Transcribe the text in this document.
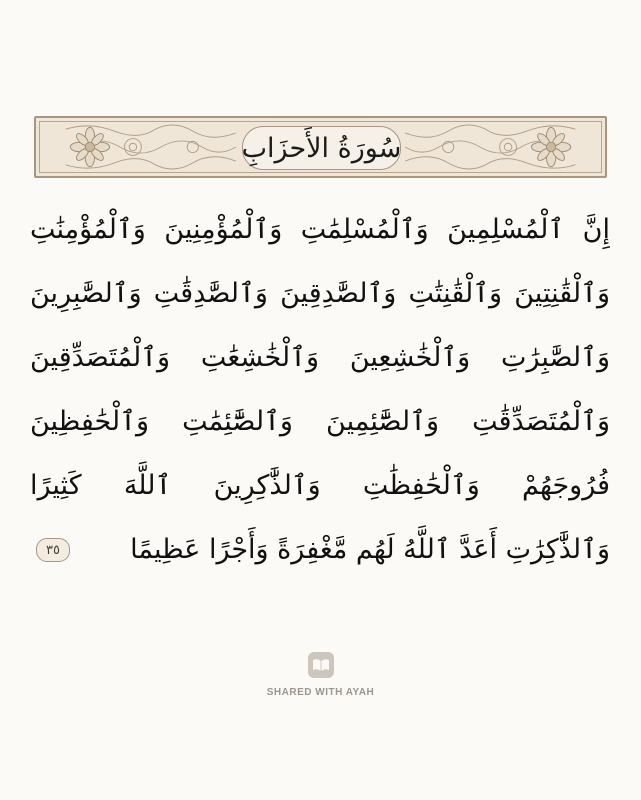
سُورَةُ الأَحزَابِ
إِنَّ ٱلْمُسْلِمِينَ وَٱلْمُسْلِمَٰتِ وَٱلْمُؤْمِنِينَ وَٱلْمُؤْمِنَٰتِ
وَٱلْقَٰنِتِينَ وَٱلْقَٰنِتَٰتِ وَٱلصَّٰدِقِينَ وَٱلصَّٰدِقَٰتِ وَٱلصَّٰبِرِينَ
وَٱلصَّٰبِرَٰتِ وَٱلْخَٰشِعِينَ وَٱلْخَٰشِعَٰتِ وَٱلْمُتَصَدِّقِينَ
وَٱلْمُتَصَدِّقَٰتِ وَٱلصَّٰٓئِمِينَ وَٱلصَّٰٓئِمَٰتِ وَٱلْحَٰفِظِينَ
فُرُوجَهُمْ وَٱلْحَٰفِظَٰتِ وَٱلذَّٰكِرِينَ ٱللَّهَ كَثِيرًا
وَٱلذَّٰكِرَٰتِ أَعَدَّ ٱللَّهُ لَهُم مَّغْفِرَةً وَأَجْرًا عَظِيمًا
٣٥
SHARED WITH AYAH
